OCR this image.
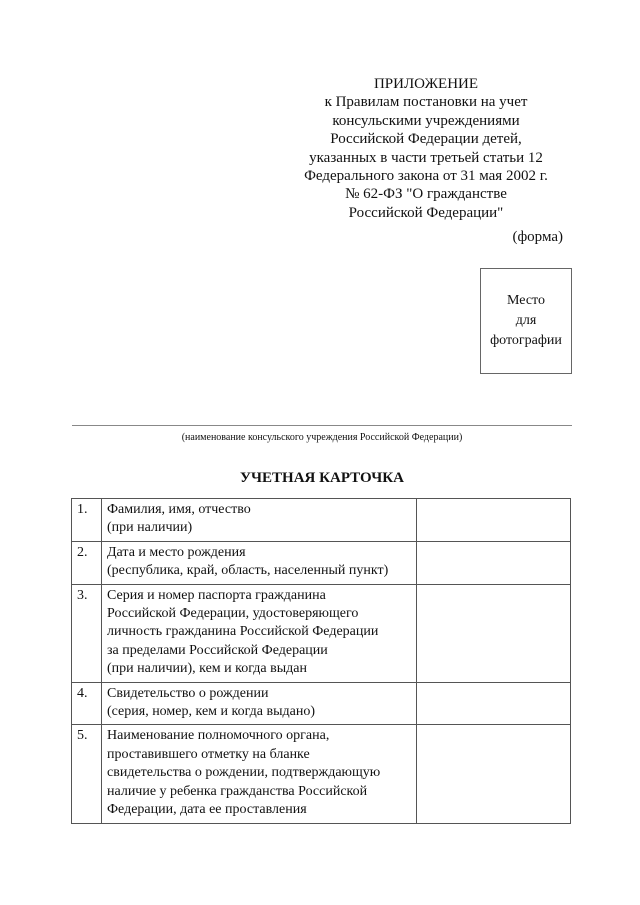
ПРИЛОЖЕНИЕ
к Правилам постановки на учет
консульскими учреждениями
Российской Федерации детей,
указанных в части третьей статьи 12
Федерального закона от 31 мая 2002 г.
№ 62-ФЗ "О гражданстве
Российской Федерации"
(форма)
Место
для
фотографии
(наименование консульского учреждения Российской Федерации)
УЧЕТНАЯ КАРТОЧКА
1.	Фамилия, имя, отчество
(при наличии)	

2.	Дата и место рождения
(республика, край, область, населенный пункт)	

3.	Серия и номер паспорта гражданина
Российской Федерации, удостоверяющего
личность гражданина Российской Федерации
за пределами Российской Федерации
(при наличии), кем и когда выдан	

4.	Свидетельство о рождении
(серия, номер, кем и когда выдано)	

5.	Наименование полномочного органа,
проставившего отметку на бланке
свидетельства о рождении, подтверждающую
наличие у ребенка гражданства Российской
Федерации, дата ее проставления	
